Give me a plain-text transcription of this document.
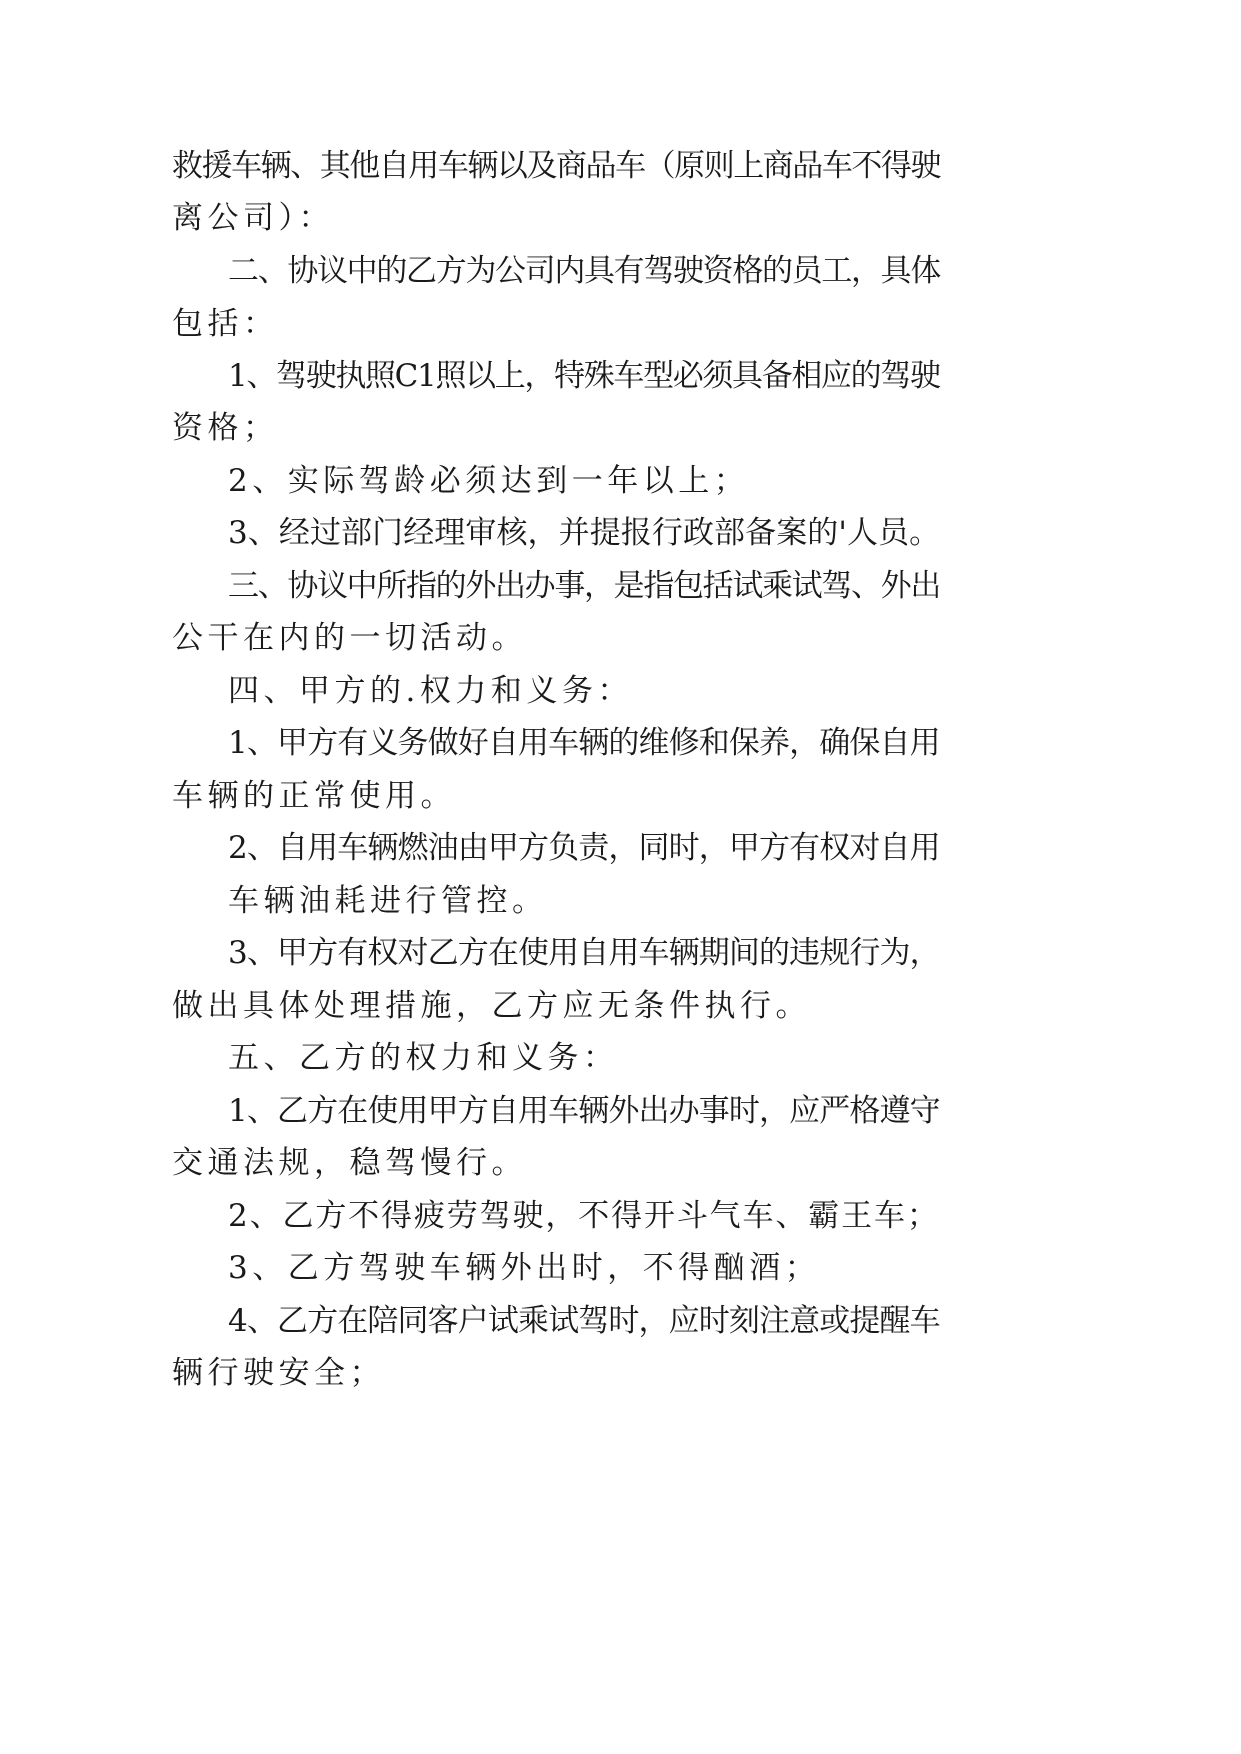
救援车辆、其他自用车辆以及商品车（原则上商品车不得驶
离公司）：
二、协议中的乙方为公司内具有驾驶资格的员工，具体
包括：
1、驾驶执照C1照以上，特殊车型必须具备相应的驾驶
资格；
2、实际驾龄必须达到一年以上；
3、经过部门经理审核，并提报行政部备案的'人员。
三、协议中所指的外出办事，是指包括试乘试驾、外出
公干在内的一切活动。
四、甲方的.权力和义务：
1、甲方有义务做好自用车辆的维修和保养，确保自用
车辆的正常使用。
2、自用车辆燃油由甲方负责，同时，甲方有权对自用
车辆油耗进行管控。
3、甲方有权对乙方在使用自用车辆期间的违规行为，
做出具体处理措施，乙方应无条件执行。
五、乙方的权力和义务：
1、乙方在使用甲方自用车辆外出办事时，应严格遵守
交通法规，稳驾慢行。
2、乙方不得疲劳驾驶，不得开斗气车、霸王车；
3、乙方驾驶车辆外出时，不得酗酒；
4、乙方在陪同客户试乘试驾时，应时刻注意或提醒车
辆行驶安全；
